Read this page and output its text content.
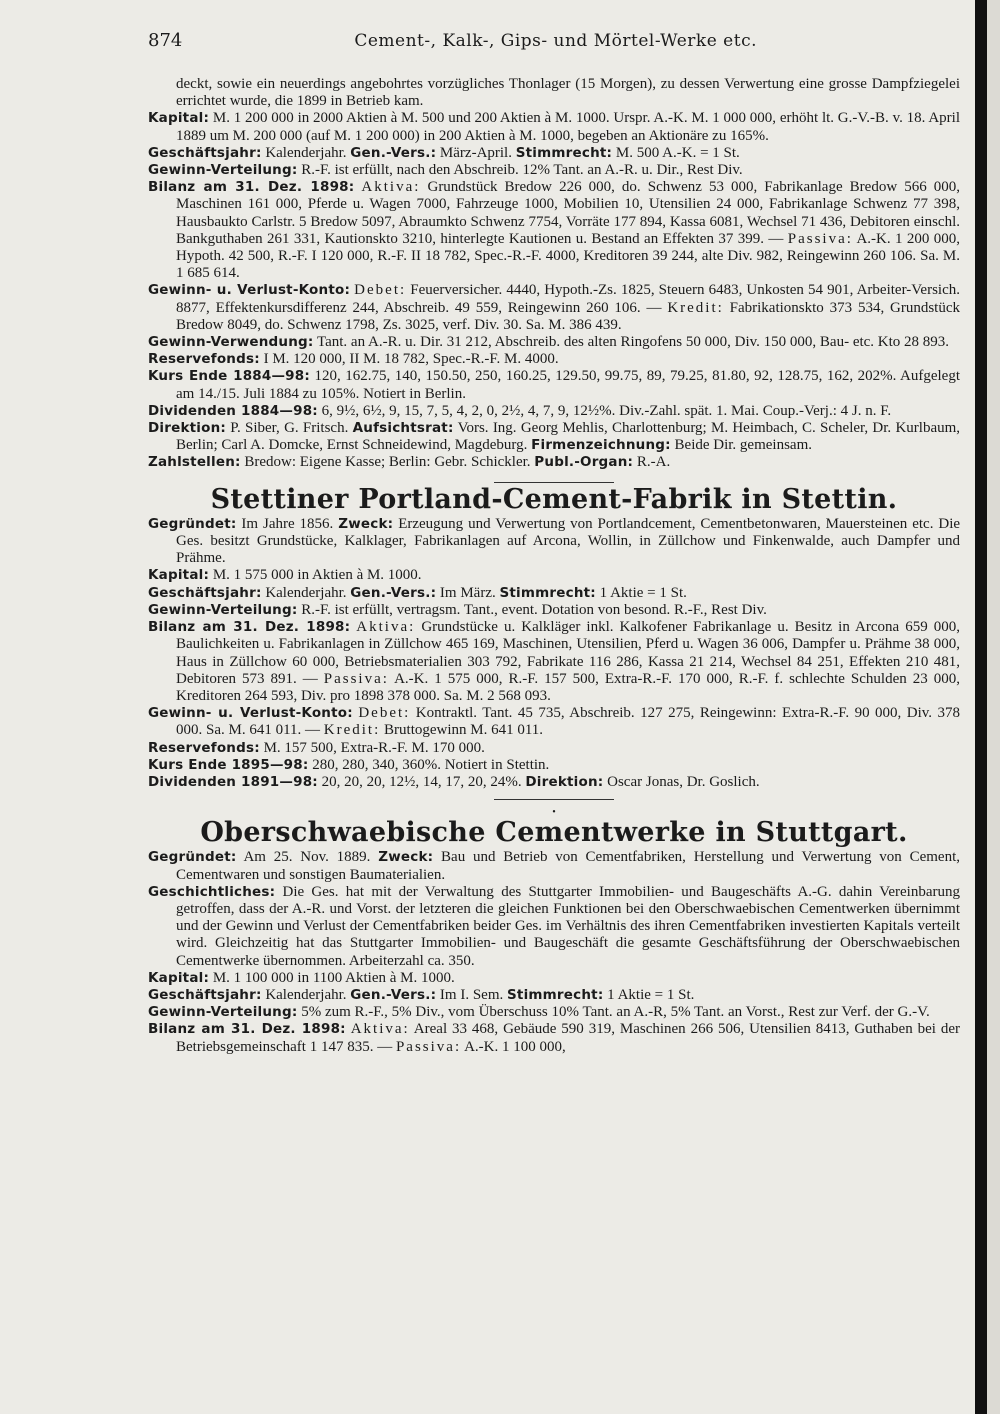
874	Cement-, Kalk-, Gips- und Mörtel-Werke etc.

deckt, sowie ein neuerdings angebohrtes vorzügliches Thonlager (15 Morgen), zu dessen Verwertung eine grosse Dampfziegelei errichtet wurde, die 1899 in Betrieb kam.

Kapital: M. 1 200 000 in 2000 Aktien à M. 500 und 200 Aktien à M. 1000. Urspr. A.-K. M. 1 000 000, erhöht lt. G.-V.-B. v. 18. April 1889 um M. 200 000 (auf M. 1 200 000) in 200 Aktien à M. 1000, begeben an Aktionäre zu 165%.

Geschäftsjahr: Kalenderjahr. Gen.-Vers.: März-April. Stimmrecht: M. 500 A.-K. = 1 St.

Gewinn-Verteilung: R.-F. ist erfüllt, nach den Abschreib. 12% Tant. an A.-R. u. Dir., Rest Div.

Bilanz am 31. Dez. 1898: Aktiva: Grundstück Bredow 226 000, do. Schwenz 53 000, Fabrikanlage Bredow 566 000, Maschinen 161 000, Pferde u. Wagen 7000, Fahrzeuge 1000, Mobilien 10, Utensilien 24 000, Fabrikanlage Schwenz 77 398, Hausbaukto Carlstr. 5 Bredow 5097, Abraumkto Schwenz 7754, Vorräte 177 894, Kassa 6081, Wechsel 71 436, Debitoren einschl. Bankguthaben 261 331, Kautionskto 3210, hinterlegte Kautionen u. Bestand an Effekten 37 399. — Passiva: A.-K. 1 200 000, Hypoth. 42 500, R.-F. I 120 000, R.-F. II 18 782, Spec.-R.-F. 4000, Kreditoren 39 244, alte Div. 982, Reingewinn 260 106. Sa. M. 1 685 614.

Gewinn- u. Verlust-Konto: Debet: Feuerversicher. 4440, Hypoth.-Zs. 1825, Steuern 6483, Unkosten 54 901, Arbeiter-Versich. 8877, Effektenkursdifferenz 244, Abschreib. 49 559, Reingewinn 260 106. — Kredit: Fabrikationskto 373 534, Grundstück Bredow 8049, do. Schwenz 1798, Zs. 3025, verf. Div. 30. Sa. M. 386 439.

Gewinn-Verwendung: Tant. an A.-R. u. Dir. 31 212, Abschreib. des alten Ringofens 50 000, Div. 150 000, Bau- etc. Kto 28 893.

Reservefonds: I M. 120 000, II M. 18 782, Spec.-R.-F. M. 4000.

Kurs Ende 1884—98: 120, 162.75, 140, 150.50, 250, 160.25, 129.50, 99.75, 89, 79.25, 81.80, 92, 128.75, 162, 202%. Aufgelegt am 14./15. Juli 1884 zu 105%. Notiert in Berlin.

Dividenden 1884—98: 6, 9½, 6½, 9, 15, 7, 5, 4, 2, 0, 2½, 4, 7, 9, 12½%. Div.-Zahl. spät. 1. Mai. Coup.-Verj.: 4 J. n. F.

Direktion: P. Siber, G. Fritsch. Aufsichtsrat: Vors. Ing. Georg Mehlis, Charlottenburg; M. Heimbach, C. Scheler, Dr. Kurlbaum, Berlin; Carl A. Domcke, Ernst Schneidewind, Magdeburg. Firmenzeichnung: Beide Dir. gemeinsam.

Zahlstellen: Bredow: Eigene Kasse; Berlin: Gebr. Schickler. Publ.-Organ: R.-A.

Stettiner Portland-Cement-Fabrik in Stettin.

Gegründet: Im Jahre 1856. Zweck: Erzeugung und Verwertung von Portlandcement, Cementbetonwaren, Mauersteinen etc. Die Ges. besitzt Grundstücke, Kalklager, Fabrikanlagen auf Arcona, Wollin, in Züllchow und Finkenwalde, auch Dampfer und Prähme.

Kapital: M. 1 575 000 in Aktien à M. 1000.

Geschäftsjahr: Kalenderjahr. Gen.-Vers.: Im März. Stimmrecht: 1 Aktie = 1 St.

Gewinn-Verteilung: R.-F. ist erfüllt, vertragsm. Tant., event. Dotation von besond. R.-F., Rest Div.

Bilanz am 31. Dez. 1898: Aktiva: Grundstücke u. Kalkläger inkl. Kalkofener Fabrikanlage u. Besitz in Arcona 659 000, Baulichkeiten u. Fabrikanlagen in Züllchow 465 169, Maschinen, Utensilien, Pferd u. Wagen 36 006, Dampfer u. Prähme 38 000, Haus in Züllchow 60 000, Betriebsmaterialien 303 792, Fabrikate 116 286, Kassa 21 214, Wechsel 84 251, Effekten 210 481, Debitoren 573 891. — Passiva: A.-K. 1 575 000, R.-F. 157 500, Extra-R.-F. 170 000, R.-F. f. schlechte Schulden 23 000, Kreditoren 264 593, Div. pro 1898 378 000. Sa. M. 2 568 093.

Gewinn- u. Verlust-Konto: Debet: Kontraktl. Tant. 45 735, Abschreib. 127 275, Reingewinn: Extra-R.-F. 90 000, Div. 378 000. Sa. M. 641 011. — Kredit: Bruttogewinn M. 641 011.

Reservefonds: M. 157 500, Extra-R.-F. M. 170 000.

Kurs Ende 1895—98: 280, 280, 340, 360%. Notiert in Stettin.

Dividenden 1891—98: 20, 20, 20, 12½, 14, 17, 20, 24%. Direktion: Oscar Jonas, Dr. Goslich.

•
Oberschwaebische Cementwerke in Stuttgart.

Gegründet: Am 25. Nov. 1889. Zweck: Bau und Betrieb von Cementfabriken, Herstellung und Verwertung von Cement, Cementwaren und sonstigen Baumaterialien.

Geschichtliches: Die Ges. hat mit der Verwaltung des Stuttgarter Immobilien- und Baugeschäfts A.-G. dahin Vereinbarung getroffen, dass der A.-R. und Vorst. der letzteren die gleichen Funktionen bei den Oberschwaebischen Cementwerken übernimmt und der Gewinn und Verlust der Cementfabriken beider Ges. im Verhältnis des ihren Cementfabriken investierten Kapitals verteilt wird. Gleichzeitig hat das Stuttgarter Immobilien- und Baugeschäft die gesamte Geschäftsführung der Oberschwaebischen Cementwerke übernommen. Arbeiterzahl ca. 350.

Kapital: M. 1 100 000 in 1100 Aktien à M. 1000.

Geschäftsjahr: Kalenderjahr. Gen.-Vers.: Im I. Sem. Stimmrecht: 1 Aktie = 1 St.

Gewinn-Verteilung: 5% zum R.-F., 5% Div., vom Überschuss 10% Tant. an A.-R, 5% Tant. an Vorst., Rest zur Verf. der G.-V.

Bilanz am 31. Dez. 1898: Aktiva: Areal 33 468, Gebäude 590 319, Maschinen 266 506, Utensilien 8413, Guthaben bei der Betriebsgemeinschaft 1 147 835. — Passiva: A.-K. 1 100 000,
